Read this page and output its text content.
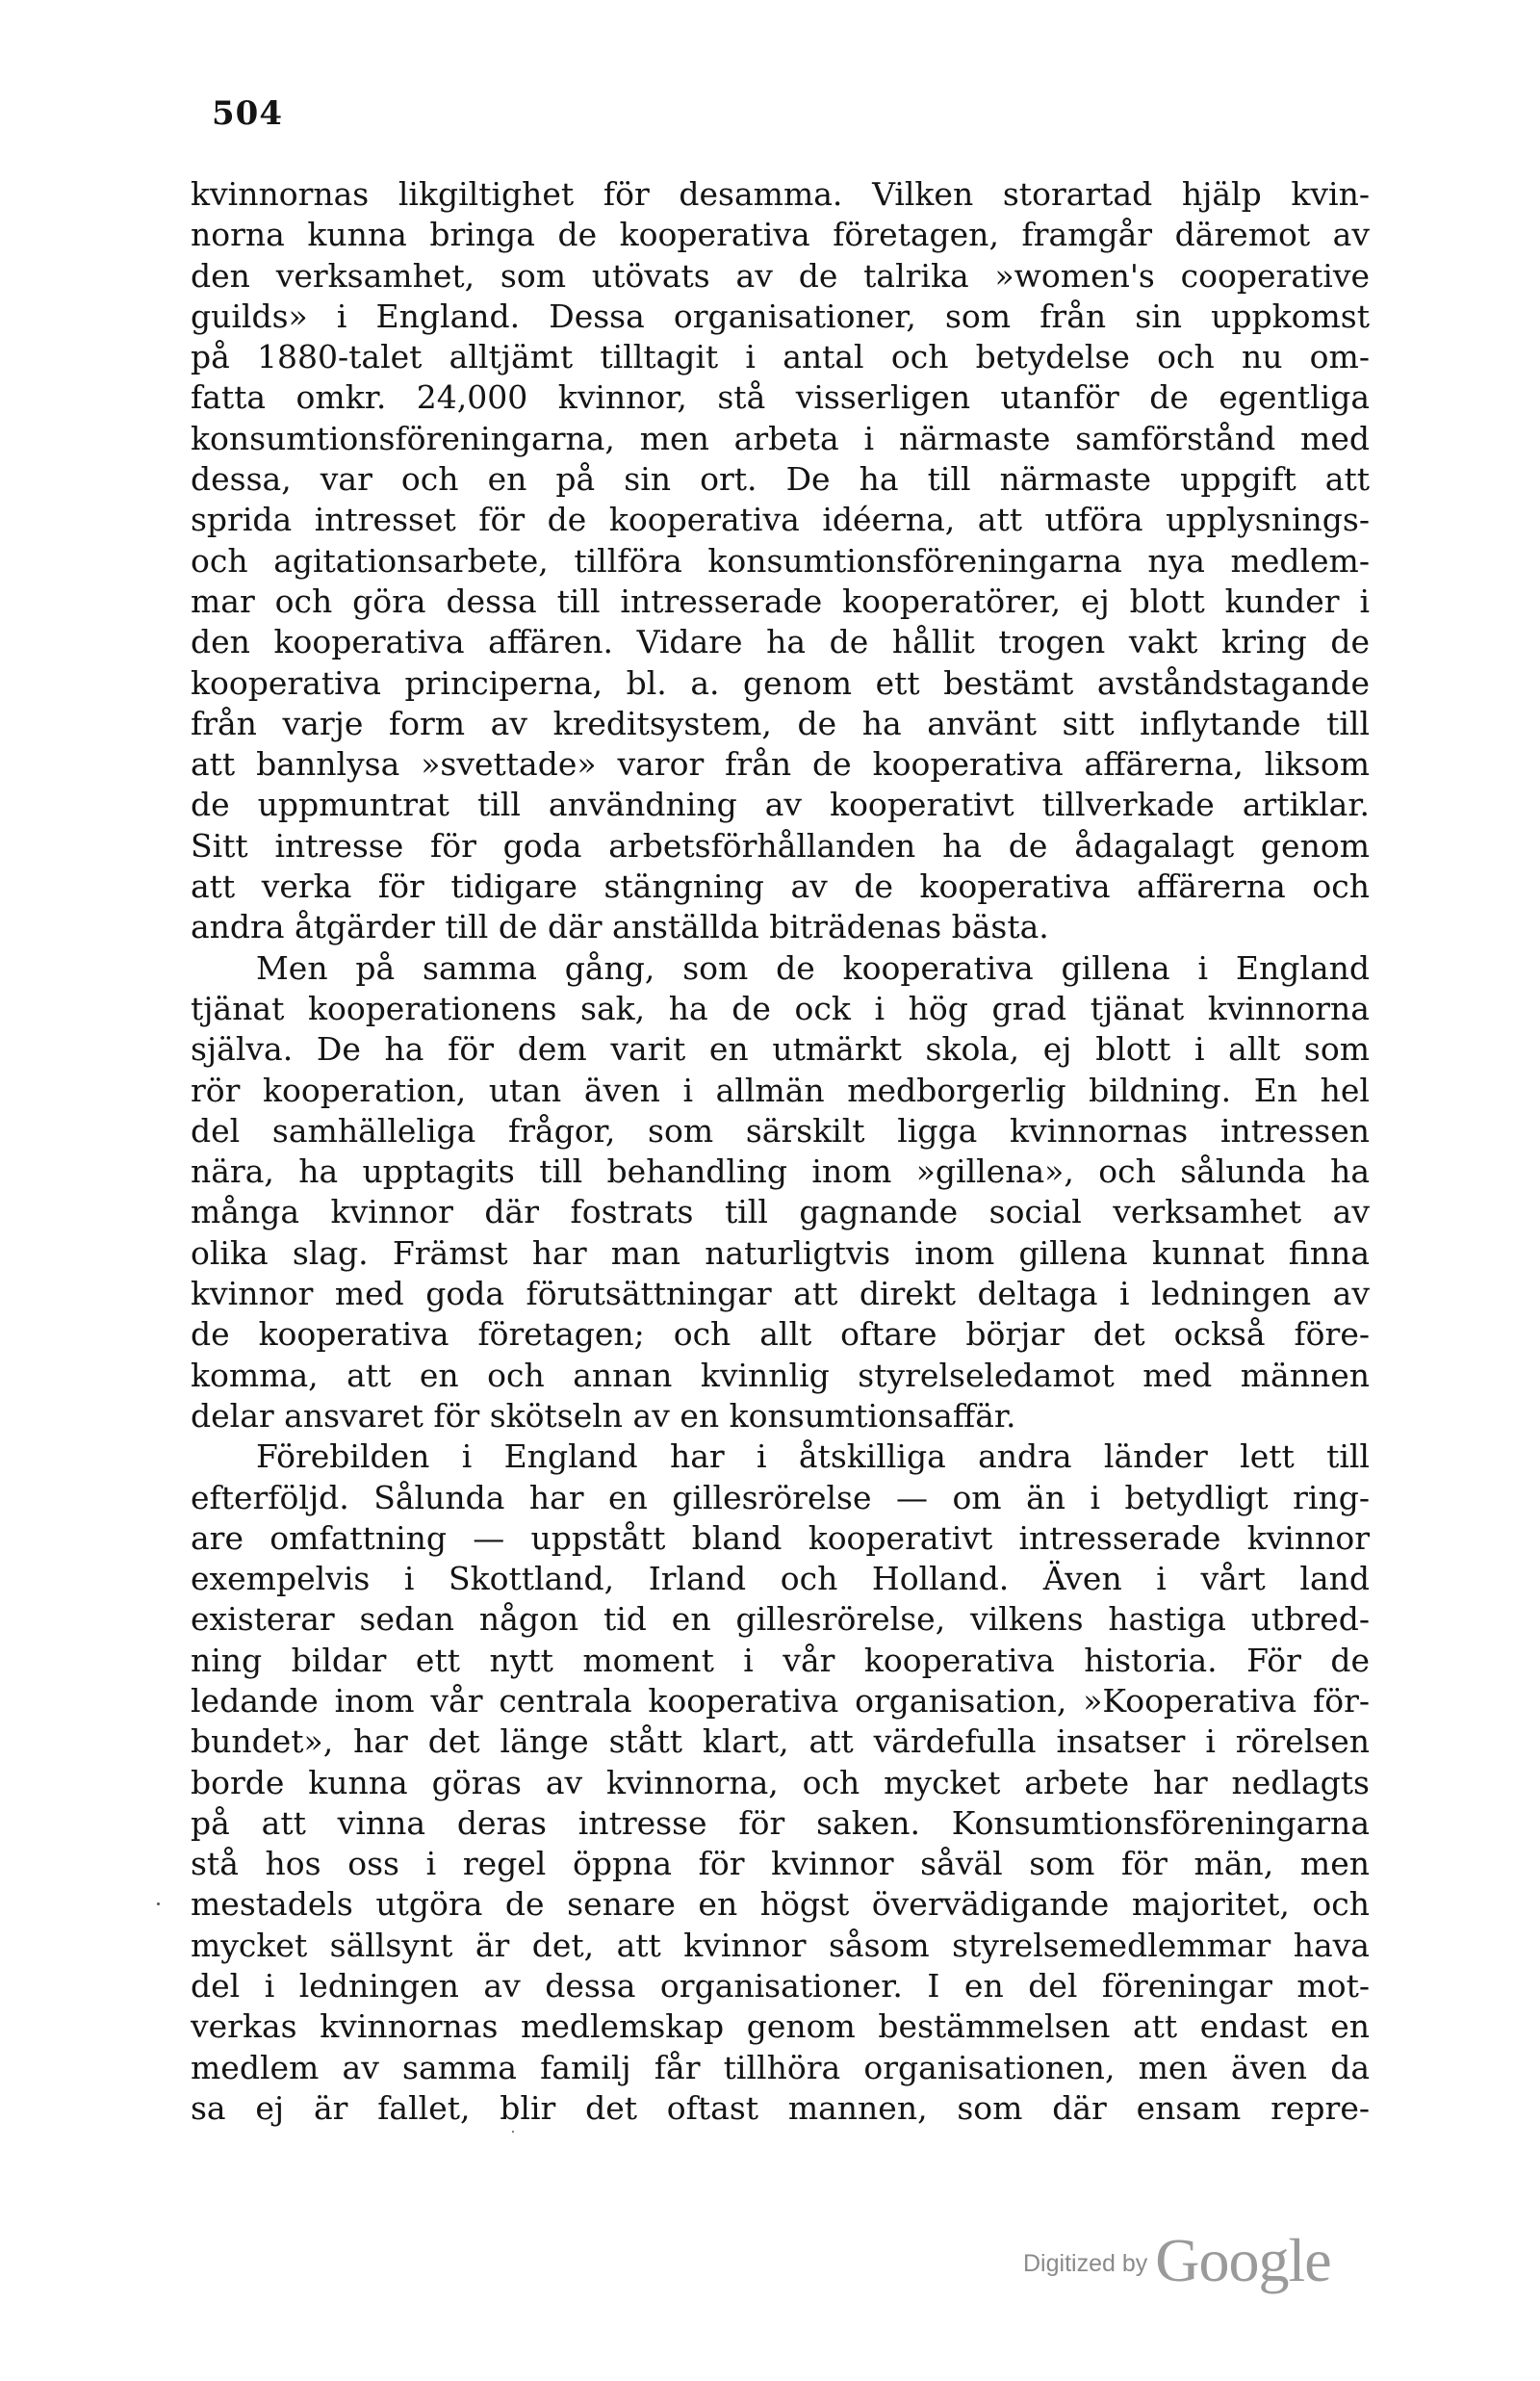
504
kvinnornas likgiltighet för desamma. Vilken storartad hjälp kvin-
norna kunna bringa de kooperativa företagen, framgår däremot av
den verksamhet, som utövats av de talrika »women's cooperative
guilds» i England. Dessa organisationer, som från sin uppkomst
på 1880-talet alltjämt tilltagit i antal och betydelse och nu om-
fatta omkr. 24,000 kvinnor, stå visserligen utanför de egentliga
konsumtionsföreningarna, men arbeta i närmaste samförstånd med
dessa, var och en på sin ort. De ha till närmaste uppgift att
sprida intresset för de kooperativa idéerna, att utföra upplysnings-
och agitationsarbete, tillföra konsumtionsföreningarna nya medlem-
mar och göra dessa till intresserade kooperatörer, ej blott kunder i
den kooperativa affären. Vidare ha de hållit trogen vakt kring de
kooperativa principerna, bl. a. genom ett bestämt avståndstagande
från varje form av kreditsystem, de ha använt sitt inflytande till
att bannlysa »svettade» varor från de kooperativa affärerna, liksom
de uppmuntrat till användning av kooperativt tillverkade artiklar.
Sitt intresse för goda arbetsförhållanden ha de ådagalagt genom
att verka för tidigare stängning av de kooperativa affärerna och
andra åtgärder till de där anställda biträdenas bästa.
Men på samma gång, som de kooperativa gillena i England
tjänat kooperationens sak, ha de ock i hög grad tjänat kvinnorna
själva. De ha för dem varit en utmärkt skola, ej blott i allt som
rör kooperation, utan även i allmän medborgerlig bildning. En hel
del samhälleliga frågor, som särskilt ligga kvinnornas intressen
nära, ha upptagits till behandling inom »gillena», och sålunda ha
många kvinnor där fostrats till gagnande social verksamhet av
olika slag. Främst har man naturligtvis inom gillena kunnat finna
kvinnor med goda förutsättningar att direkt deltaga i ledningen av
de kooperativa företagen; och allt oftare börjar det också före-
komma, att en och annan kvinnlig styrelseledamot med männen
delar ansvaret för skötseln av en konsumtionsaffär.
Förebilden i England har i åtskilliga andra länder lett till
efterföljd. Sålunda har en gillesrörelse — om än i betydligt ring-
are omfattning — uppstått bland kooperativt intresserade kvinnor
exempelvis i Skottland, Irland och Holland. Även i vårt land
existerar sedan någon tid en gillesrörelse, vilkens hastiga utbred-
ning bildar ett nytt moment i vår kooperativa historia. För de
ledande inom vår centrala kooperativa organisation, »Kooperativa för-
bundet», har det länge stått klart, att värdefulla insatser i rörelsen
borde kunna göras av kvinnorna, och mycket arbete har nedlagts
på att vinna deras intresse för saken. Konsumtionsföreningarna
stå hos oss i regel öppna för kvinnor såväl som för män, men
mestadels utgöra de senare en högst övervädigande majoritet, och
mycket sällsynt är det, att kvinnor såsom styrelsemedlemmar hava
del i ledningen av dessa organisationer. I en del föreningar mot-
verkas kvinnornas medlemskap genom bestämmelsen att endast en
medlem av samma familj får tillhöra organisationen, men även da
sa ej är fallet, blir det oftast mannen, som där ensam repre-
Digitized by Google
